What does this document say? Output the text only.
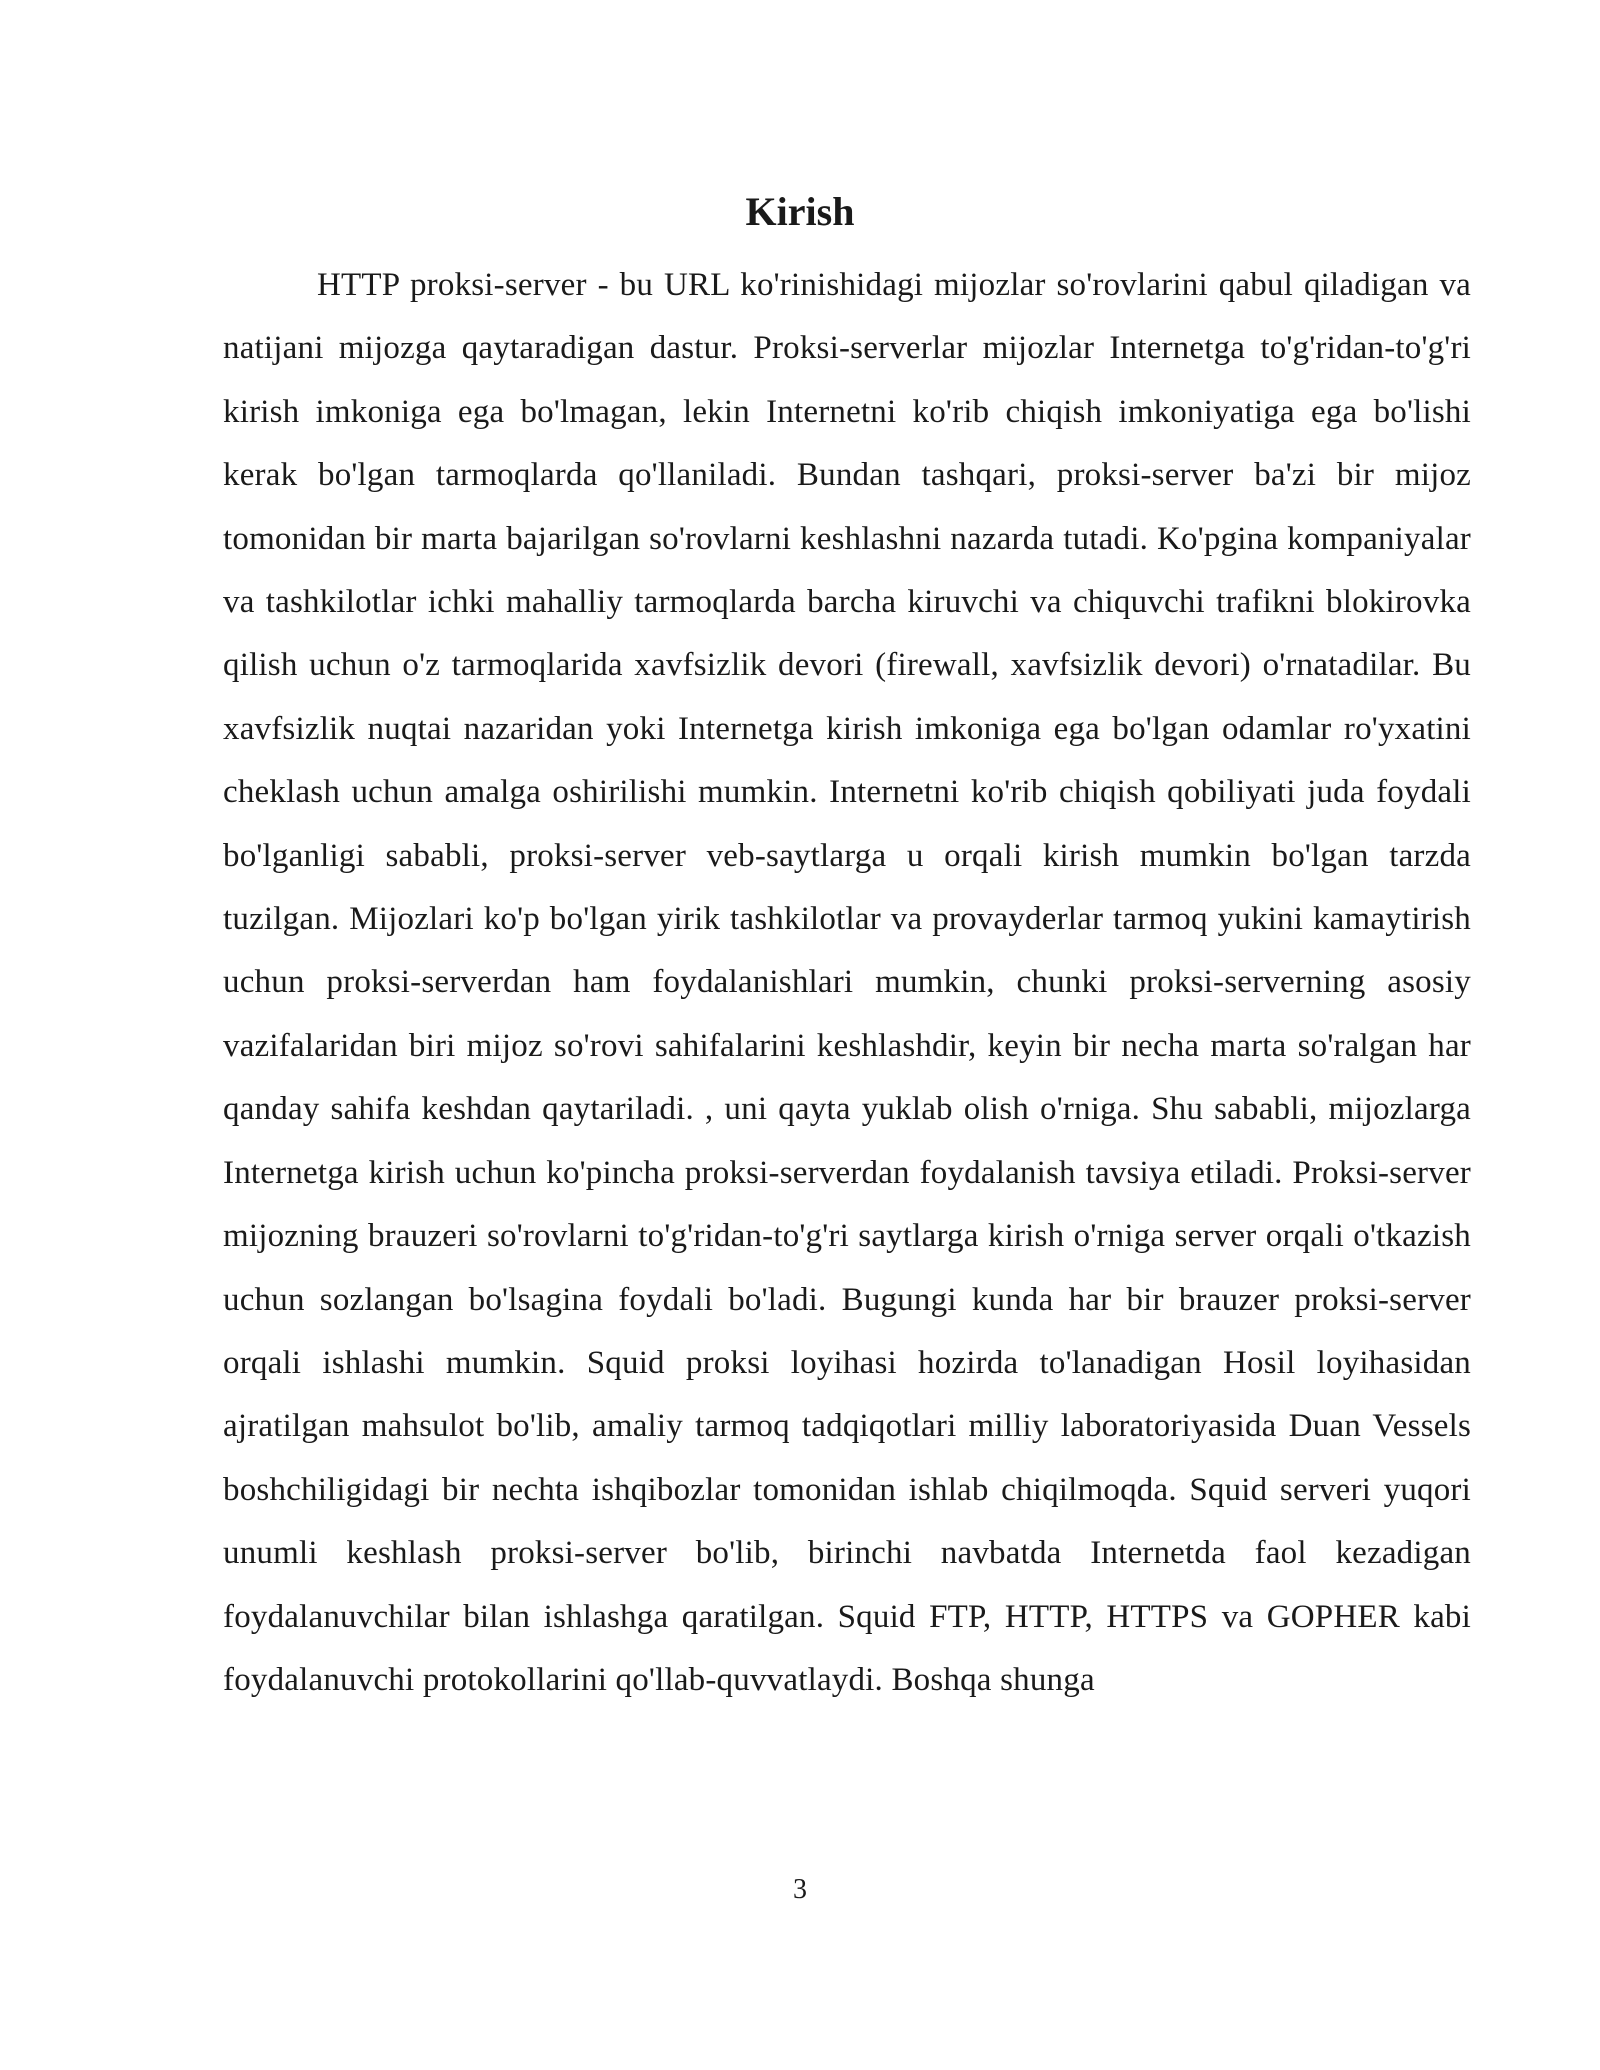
Kirish

HTTP proksi-server - bu URL ko'rinishidagi mijozlar so'rovlarini qabul qiladigan va natijani mijozga qaytaradigan dastur. Proksi-serverlar mijozlar Internetga to'g'ridan-to'g'ri kirish imkoniga ega bo'lmagan, lekin Internetni ko'rib chiqish imkoniyatiga ega bo'lishi kerak bo'lgan tarmoqlarda qo'llaniladi. Bundan tashqari, proksi-server ba'zi bir mijoz tomonidan bir marta bajarilgan so'rovlarni keshlashni nazarda tutadi. Ko'pgina kompaniyalar va tashkilotlar ichki mahalliy tarmoqlarda barcha kiruvchi va chiquvchi trafikni blokirovka qilish uchun o'z tarmoqlarida xavfsizlik devori (firewall, xavfsizlik devori) o'rnatadilar. Bu xavfsizlik nuqtai nazaridan yoki Internetga kirish imkoniga ega bo'lgan odamlar ro'yxatini cheklash uchun amalga oshirilishi mumkin. Internetni ko'rib chiqish qobiliyati juda foydali bo'lganligi sababli, proksi-server veb-saytlarga u orqali kirish mumkin bo'lgan tarzda tuzilgan. Mijozlari ko'p bo'lgan yirik tashkilotlar va provayderlar tarmoq yukini kamaytirish uchun proksi-serverdan ham foydalanishlari mumkin, chunki proksi-serverning asosiy vazifalaridan biri mijoz so'rovi sahifalarini keshlashdir, keyin bir necha marta so'ralgan har qanday sahifa keshdan qaytariladi. , uni qayta yuklab olish o'rniga. Shu sababli, mijozlarga Internetga kirish uchun ko'pincha proksi-serverdan foydalanish tavsiya etiladi. Proksi-server mijozning brauzeri so'rovlarni to'g'ridan-to'g'ri saytlarga kirish o'rniga server orqali o'tkazish uchun sozlangan bo'lsagina foydali bo'ladi. Bugungi kunda har bir brauzer proksi-server orqali ishlashi mumkin. Squid proksi loyihasi hozirda to'lanadigan Hosil loyihasidan ajratilgan mahsulot bo'lib, amaliy tarmoq tadqiqotlari milliy laboratoriyasida Duan Vessels boshchiligidagi bir nechta ishqibozlar tomonidan ishlab chiqilmoqda. Squid serveri yuqori unumli keshlash proksi-server bo'lib, birinchi navbatda Internetda faol kezadigan foydalanuvchilar bilan ishlashga qaratilgan. Squid FTP, HTTP, HTTPS va GOPHER kabi foydalanuvchi protokollarini qo'llab-quvvatlaydi. Boshqa shunga

3
